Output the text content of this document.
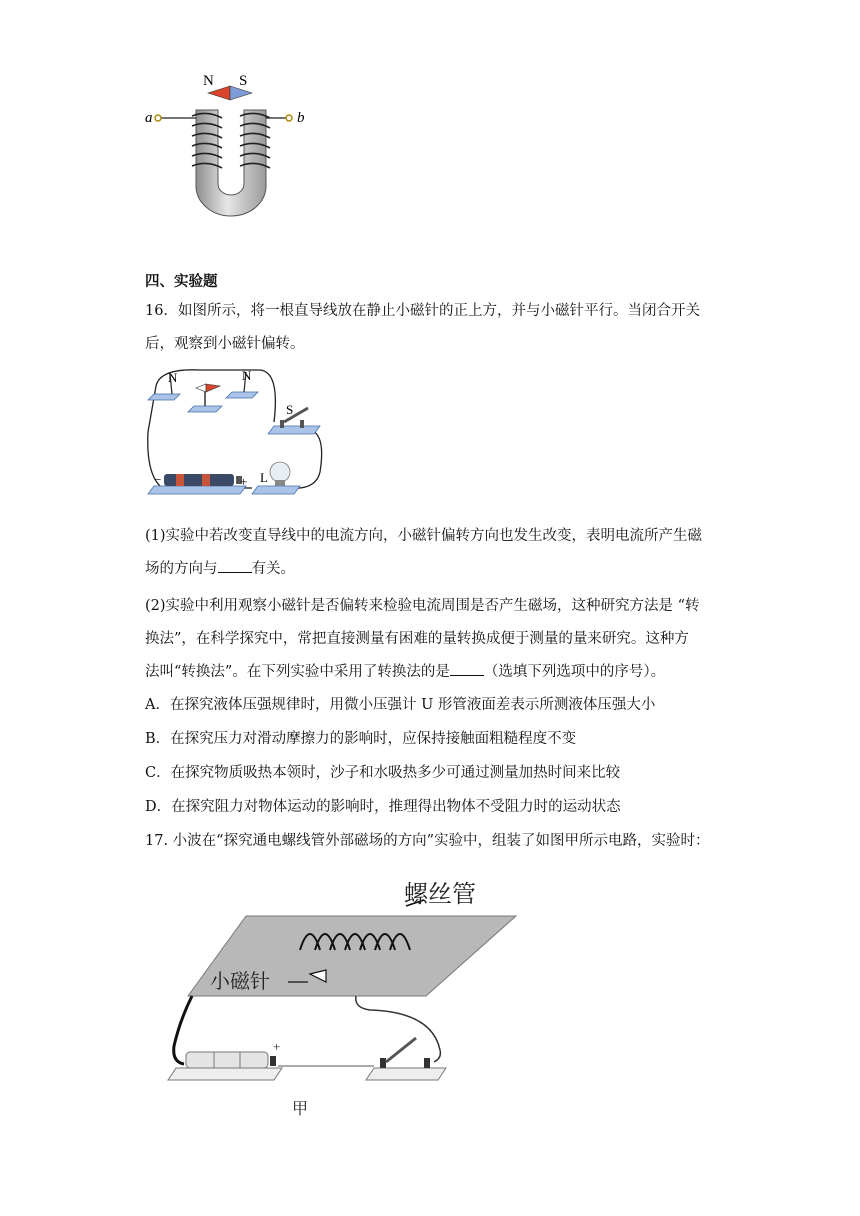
N S
a	b
四、实验题
16．如图所示，将一根直导线放在静止小磁针的正上方，并与小磁针平行。当闭合开关
后，观察到小磁针偏转。
N	N
S
L
−	+
(1)实验中若改变直导线中的电流方向，小磁针偏转方向也发生改变，表明电流所产生磁
场的方向与 有关。
(2)实验中利用观察小磁针是否偏转来检验电流周围是否产生磁场，这种研究方法是 “转
换法”，在科学探究中，常把直接测量有困难的量转换成便于测量的量来研究。这种方
法叫“转换法”。在下列实验中采用了转换法的是 （选填下列选项中的序号）。
A．在探究液体压强规律时，用微小压强计 U 形管液面差表示所测液体压强大小
B．在探究压力对滑动摩擦力的影响时，应保持接触面粗糙程度不变
C．在探究物质吸热本领时，沙子和水吸热多少可通过测量加热时间来比较
D．在探究阻力对物体运动的影响时，推理得出物体不受阻力时的运动状态
17. 小波在“探究通电螺线管外部磁场的方向”实验中，组装了如图甲所示电路，实验时：
螺丝管
小磁针
+
甲
